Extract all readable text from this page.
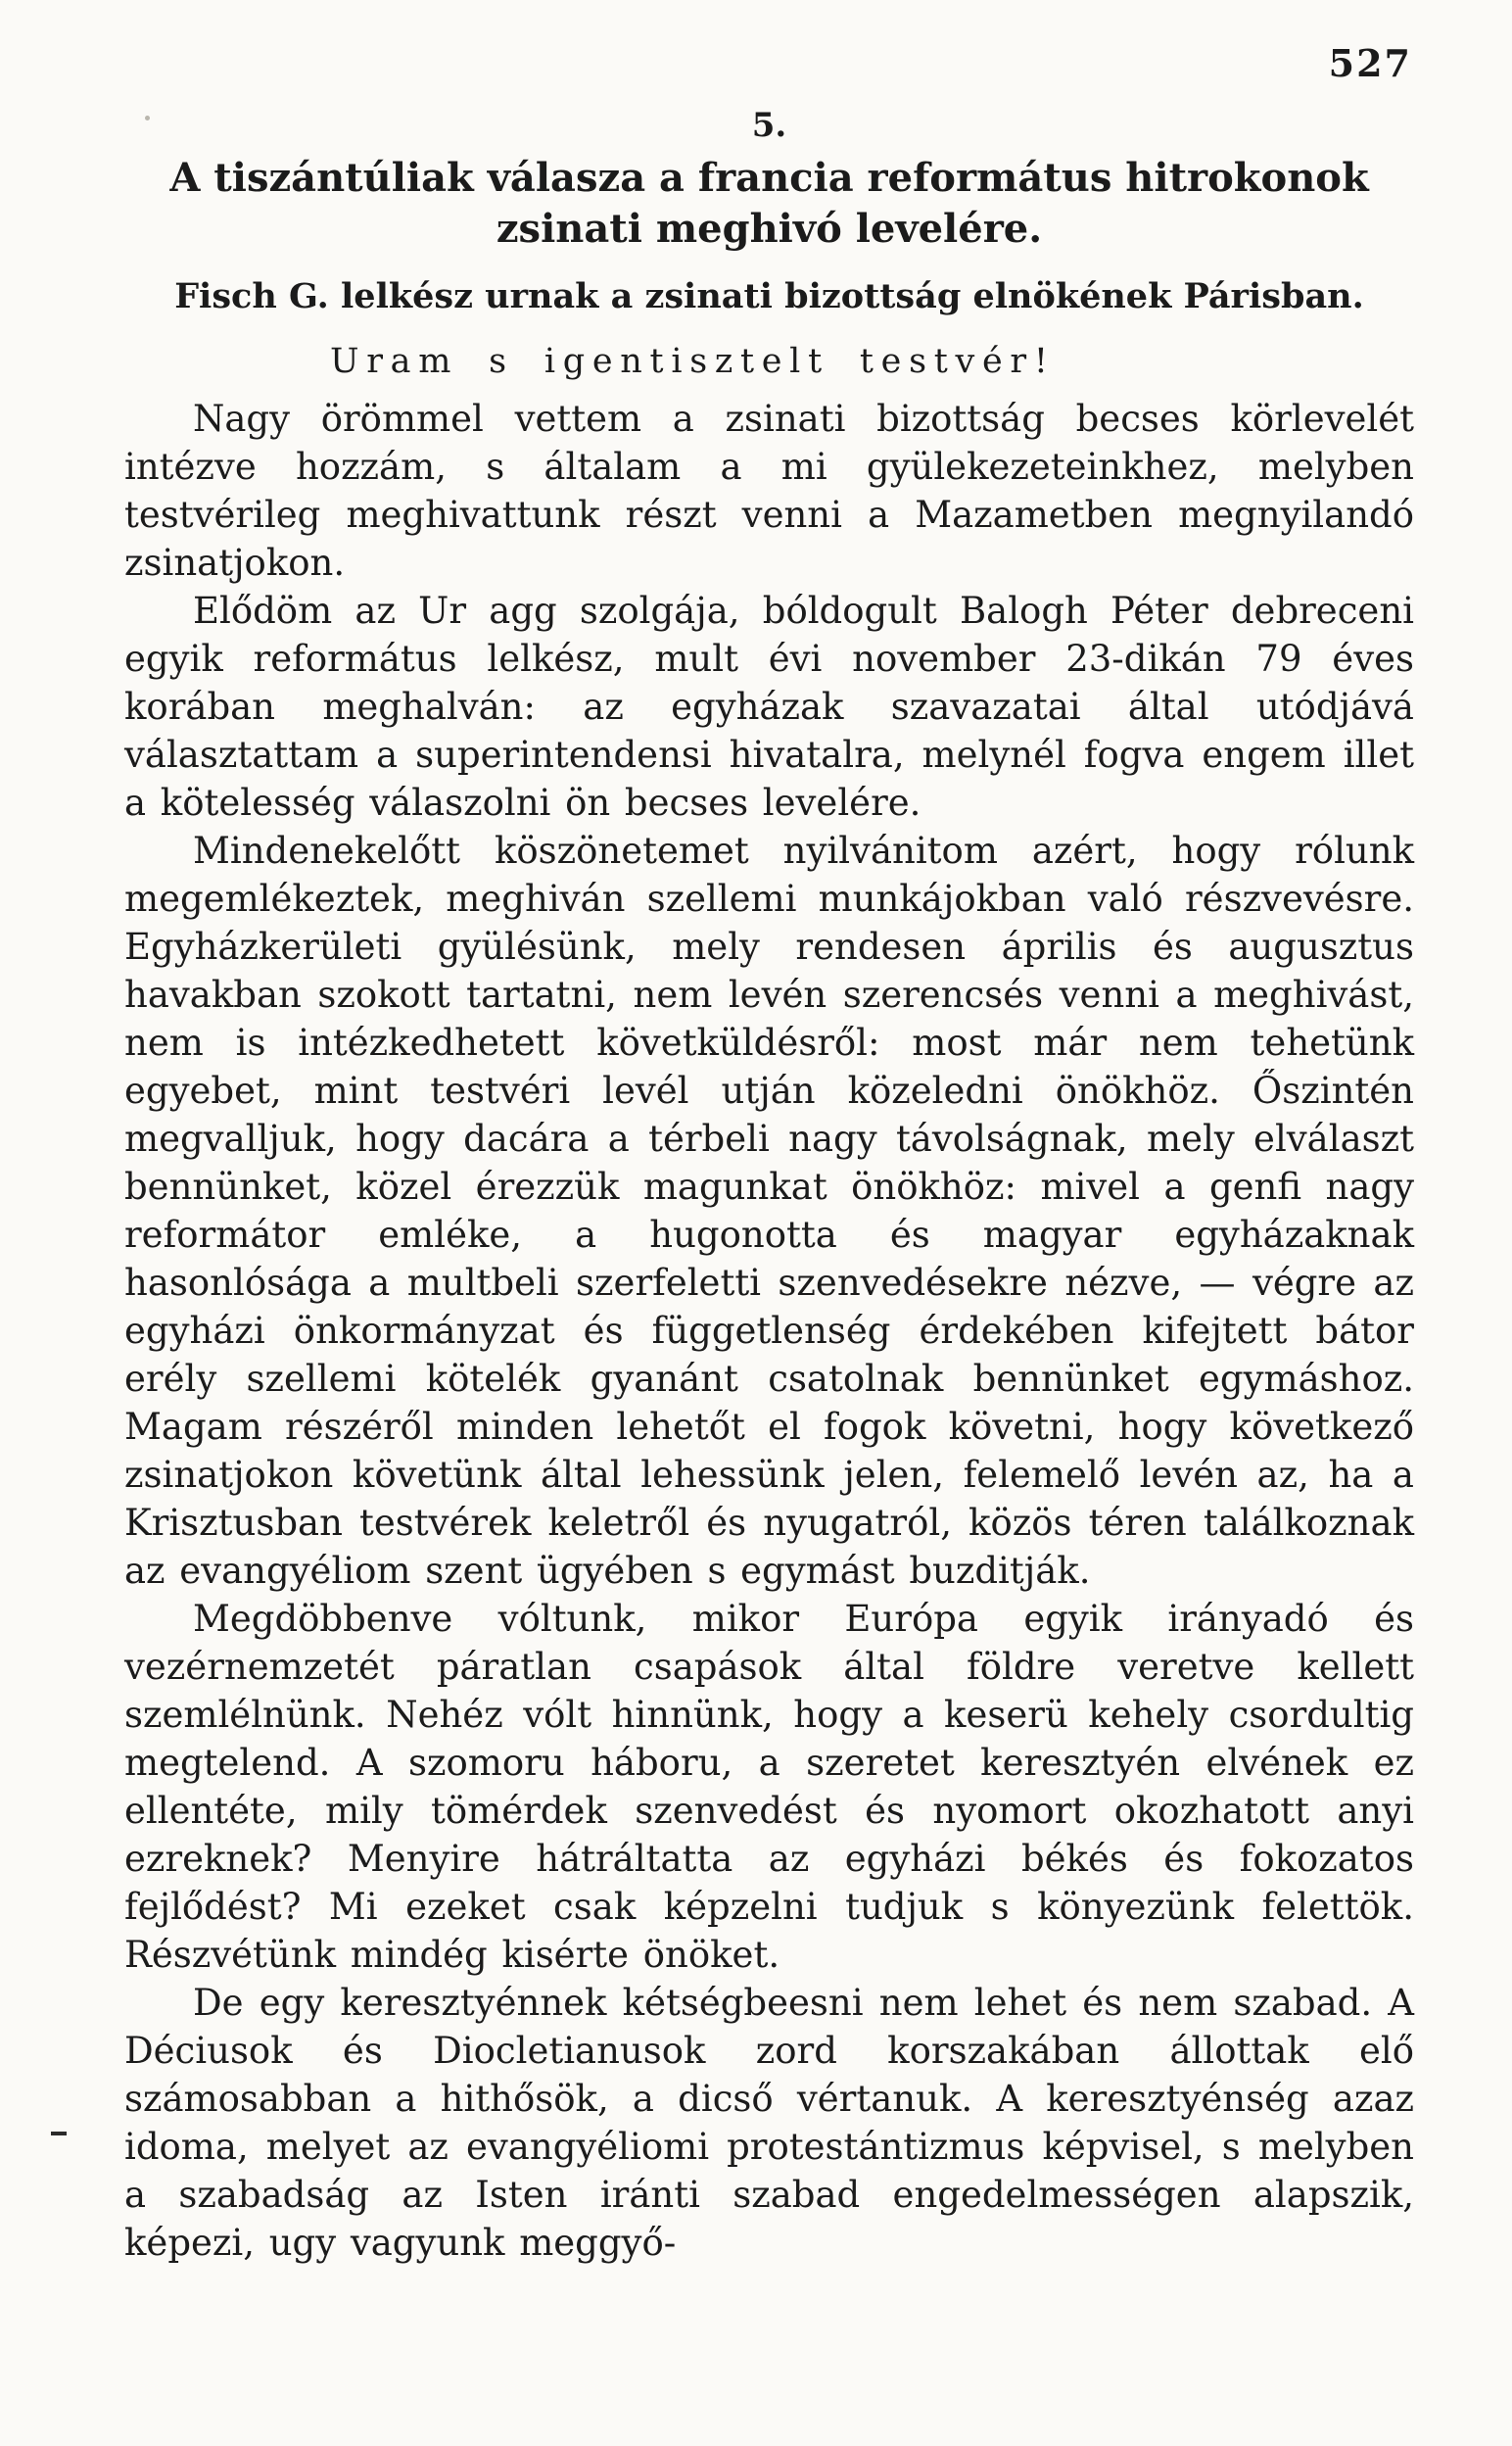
527
5.
A tiszántúliak válasza a francia református hitrokonok
zsinati meghivó levelére.
Fisch G. lelkész urnak a zsinati bizottság elnökének Párisban.
Uram s igentisztelt testvér!

Nagy örömmel vettem a zsinati bizottság becses körlevelét intézve hozzám, s általam a mi gyülekezeteinkhez, melyben testvérileg meghivattunk részt venni a Mazametben megnyilandó zsinatjokon.

Elődöm az Ur agg szolgája, bóldogult Balogh Péter debreceni egyik református lelkész, mult évi november 23-dikán 79 éves korában meghalván: az egyházak szavazatai által utódjává választattam a superintendensi hivatalra, melynél fogva engem illet a kötelesség válaszolni ön becses levelére.

Mindenekelőtt köszönetemet nyilvánitom azért, hogy rólunk megemlékeztek, meghiván szellemi munkájokban való részvevésre. Egyházkerületi gyülésünk, mely rendesen április és augusztus havakban szokott tartatni, nem levén szerencsés venni a meghivást, nem is intézkedhetett követküldésről: most már nem tehetünk egyebet, mint testvéri levél utján közeledni önökhöz. Őszintén megvalljuk, hogy dacára a térbeli nagy távolságnak, mely elválaszt bennünket, közel érezzük magunkat önökhöz: mivel a genfi nagy reformátor emléke, a hugonotta és magyar egyházaknak hasonlósága a multbeli szerfeletti szenvedésekre nézve, — végre az egyházi önkormányzat és függetlenség érdekében kifejtett bátor erély szellemi kötelék gyanánt csatolnak bennünket egymáshoz. Magam részéről minden lehetőt el fogok követni, hogy következő zsinatjokon követünk által lehessünk jelen, felemelő levén az, ha a Krisztusban testvérek keletről és nyugatról, közös téren találkoznak az evangyéliom szent ügyében s egymást buzditják.

Megdöbbenve vóltunk, mikor Európa egyik irányadó és vezérnemzetét páratlan csapások által földre veretve kellett szemlélnünk. Nehéz vólt hinnünk, hogy a keserü kehely csordultig megtelend. A szomoru háboru, a szeretet keresztyén elvének ez ellentéte, mily tömérdek szenvedést és nyomort okozhatott anyi ezreknek? Menyire hátráltatta az egyházi békés és fokozatos fejlődést? Mi ezeket csak képzelni tudjuk s könyezünk felettök. Részvétünk mindég kisérte önöket.

De egy keresztyénnek kétségbeesni nem lehet és nem szabad. A Déciusok és Diocletianusok zord korszakában állottak elő számosabban a hithősök, a dicső vértanuk. A keresztyénség azaz idoma, melyet az evangyéliomi protestántizmus képvisel, s melyben a szabadság az Isten iránti szabad engedelmességen alapszik, képezi, ugy vagyunk meggyő-
